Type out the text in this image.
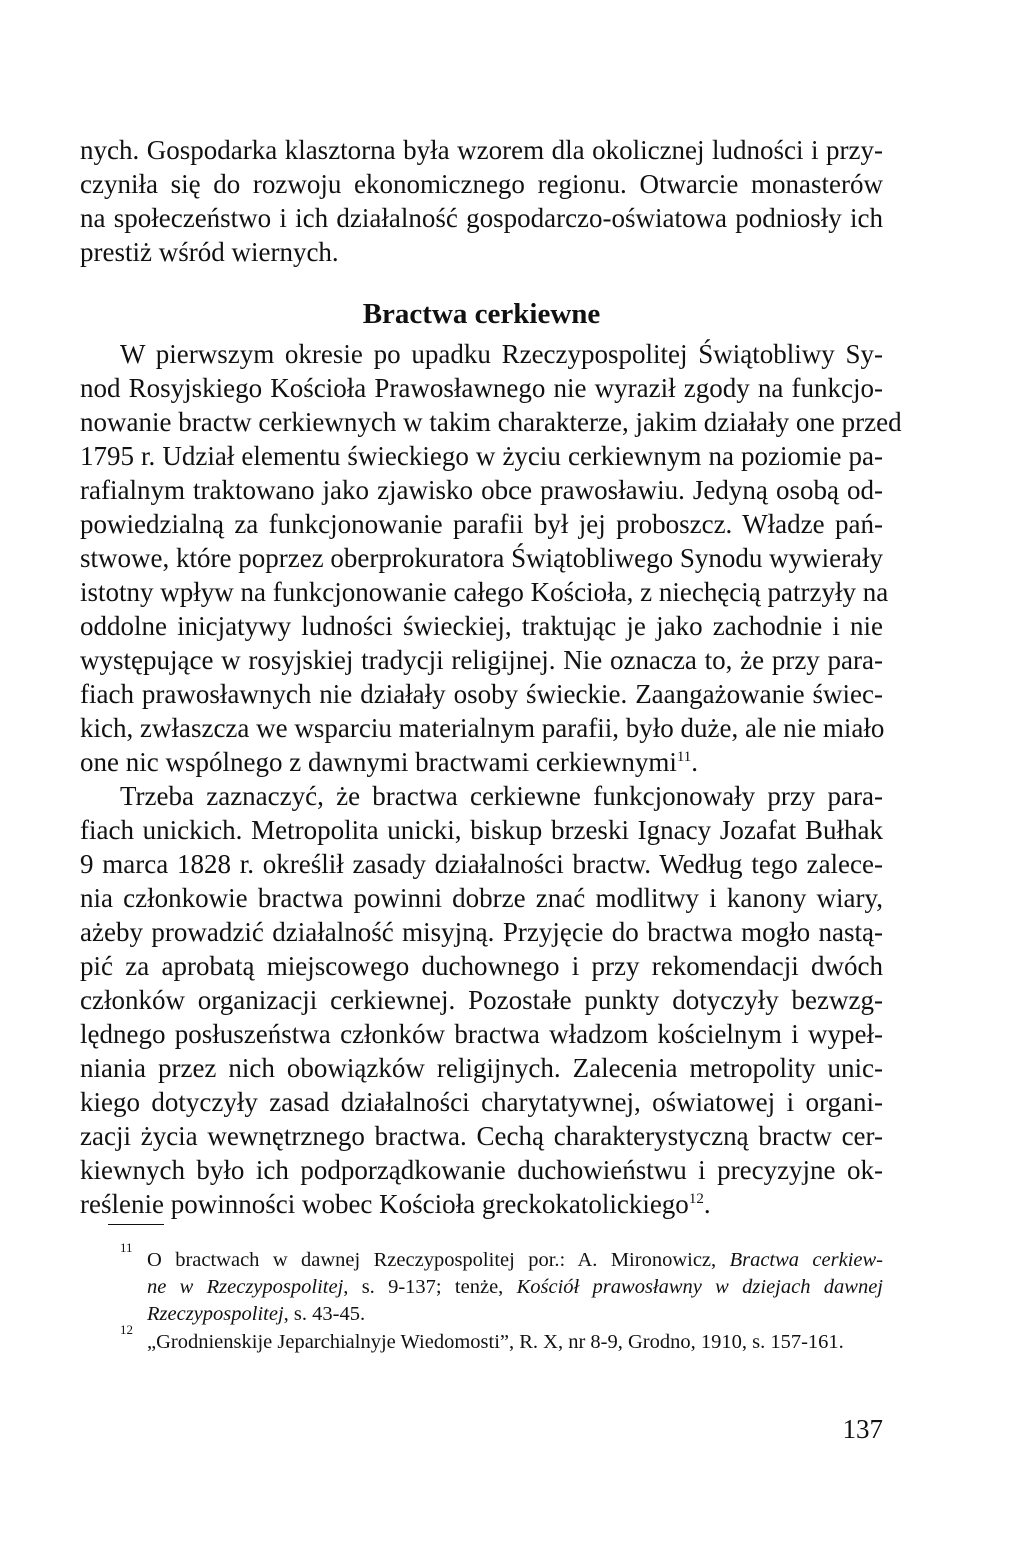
nych. Gospodarka klasztorna była wzorem dla okolicznej ludności i przy-
czyniła się do rozwoju ekonomicznego regionu. Otwarcie monasterów
na społeczeństwo i ich działalność gospodarczo-oświatowa podniosły ich
prestiż wśród wiernych.
Bractwa cerkiewne
W pierwszym okresie po upadku Rzeczypospolitej Świątobliwy Sy-
nod Rosyjskiego Kościoła Prawosławnego nie wyraził zgody na funkcjo-
nowanie bractw cerkiewnych w takim charakterze, jakim działały one przed
1795 r. Udział elementu świeckiego w życiu cerkiewnym na poziomie pa-
rafialnym traktowano jako zjawisko obce prawosławiu. Jedyną osobą od-
powiedzialną za funkcjonowanie parafii był jej proboszcz. Władze pań-
stwowe, które poprzez oberprokuratora Świątobliwego Synodu wywierały
istotny wpływ na funkcjonowanie całego Kościoła, z niechęcią patrzyły na
oddolne inicjatywy ludności świeckiej, traktując je jako zachodnie i nie
występujące w rosyjskiej tradycji religijnej. Nie oznacza to, że przy para-
fiach prawosławnych nie działały osoby świeckie. Zaangażowanie świec-
kich, zwłaszcza we wsparciu materialnym parafii, było duże, ale nie miało
one nic wspólnego z dawnymi bractwami cerkiewnymi$^{11}$.
Trzeba zaznaczyć, że bractwa cerkiewne funkcjonowały przy para-
fiach unickich. Metropolita unicki, biskup brzeski Ignacy Jozafat Bułhak
9 marca 1828 r. określił zasady działalności bractw. Według tego zalece-
nia członkowie bractwa powinni dobrze znać modlitwy i kanony wiary,
ażeby prowadzić działalność misyjną. Przyjęcie do bractwa mogło nastą-
pić za aprobatą miejscowego duchownego i przy rekomendacji dwóch
członków organizacji cerkiewnej. Pozostałe punkty dotyczyły bezwzg-
lędnego posłuszeństwa członków bractwa władzom kościelnym i wypeł-
niania przez nich obowiązków religijnych. Zalecenia metropolity unic-
kiego dotyczyły zasad działalności charytatywnej, oświatowej i organi-
zacji życia wewnętrznego bractwa. Cechą charakterystyczną bractw cer-
kiewnych było ich podporządkowanie duchowieństwu i precyzyjne ok-
reślenie powinności wobec Kościoła greckokatolickiego$^{12}$.
11
O bractwach w dawnej Rzeczypospolitej por.: A. Mironowicz, Bractwa cerkiew-
ne w Rzeczypospolitej, s. 9-137; tenże, Kościół prawosławny w dziejach dawnej
Rzeczypospolitej, s. 43-45.
12
„Grodnienskije Jeparchialnyje Wiedomosti”, R. X, nr 8-9, Grodno, 1910, s. 157-161.
137
